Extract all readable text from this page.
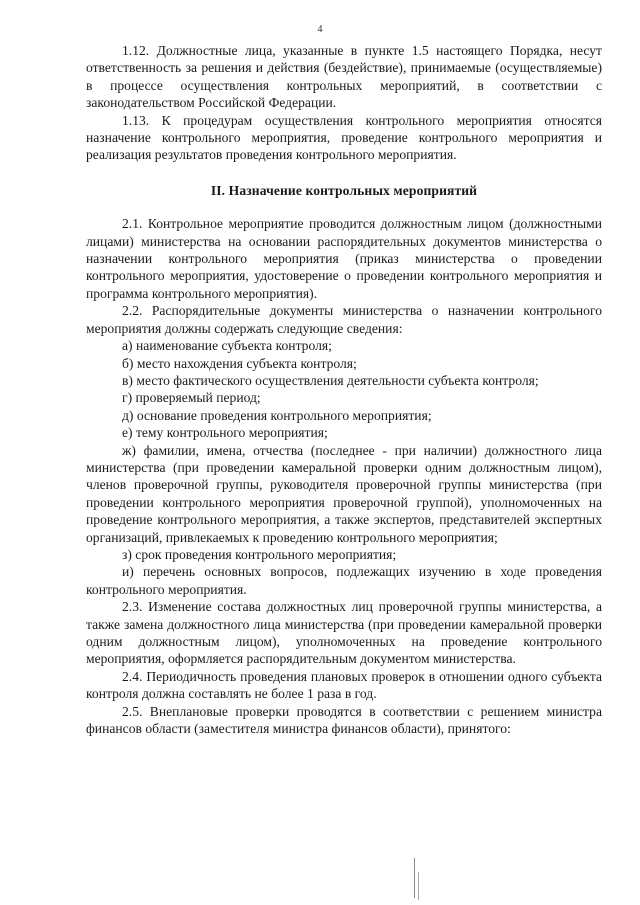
4

1.12. Должностные лица, указанные в пункте 1.5 настоящего Порядка, несут ответственность за решения и действия (бездействие), принимаемые (осуществляемые) в процессе осуществления контрольных мероприятий, в соответствии с законодательством Российской Федерации.

1.13. К процедурам осуществления контрольного мероприятия относятся назначение контрольного мероприятия, проведение контрольного мероприятия и реализация результатов проведения контрольного мероприятия.

II. Назначение контрольных мероприятий

2.1. Контрольное мероприятие проводится должностным лицом (должностными лицами) министерства на основании распорядительных документов министерства о назначении контрольного мероприятия (приказ министерства о проведении контрольного мероприятия, удостоверение о проведении контрольного мероприятия и программа контрольного мероприятия).

2.2. Распорядительные документы министерства о назначении контрольного мероприятия должны содержать следующие сведения:

а) наименование субъекта контроля;

б) место нахождения субъекта контроля;

в) место фактического осуществления деятельности субъекта контроля;

г) проверяемый период;

д) основание проведения контрольного мероприятия;

е) тему контрольного мероприятия;

ж) фамилии, имена, отчества (последнее - при наличии) должностного лица министерства (при проведении камеральной проверки одним должностным лицом), членов проверочной группы, руководителя проверочной группы министерства (при проведении контрольного мероприятия проверочной группой), уполномоченных на проведение контрольного мероприятия, а также экспертов, представителей экспертных организаций, привлекаемых к проведению контрольного мероприятия;

з) срок проведения контрольного мероприятия;

и) перечень основных вопросов, подлежащих изучению в ходе проведения контрольного мероприятия.

2.3. Изменение состава должностных лиц проверочной группы министерства, а также замена должностного лица министерства (при проведении камеральной проверки одним должностным лицом), уполномоченных на проведение контрольного мероприятия, оформляется распорядительным документом министерства.

2.4. Периодичность проведения плановых проверок в отношении одного субъекта контроля должна составлять не более 1 раза в год.

2.5. Внеплановые проверки проводятся в соответствии с решением министра финансов области (заместителя министра финансов области), принятого:
